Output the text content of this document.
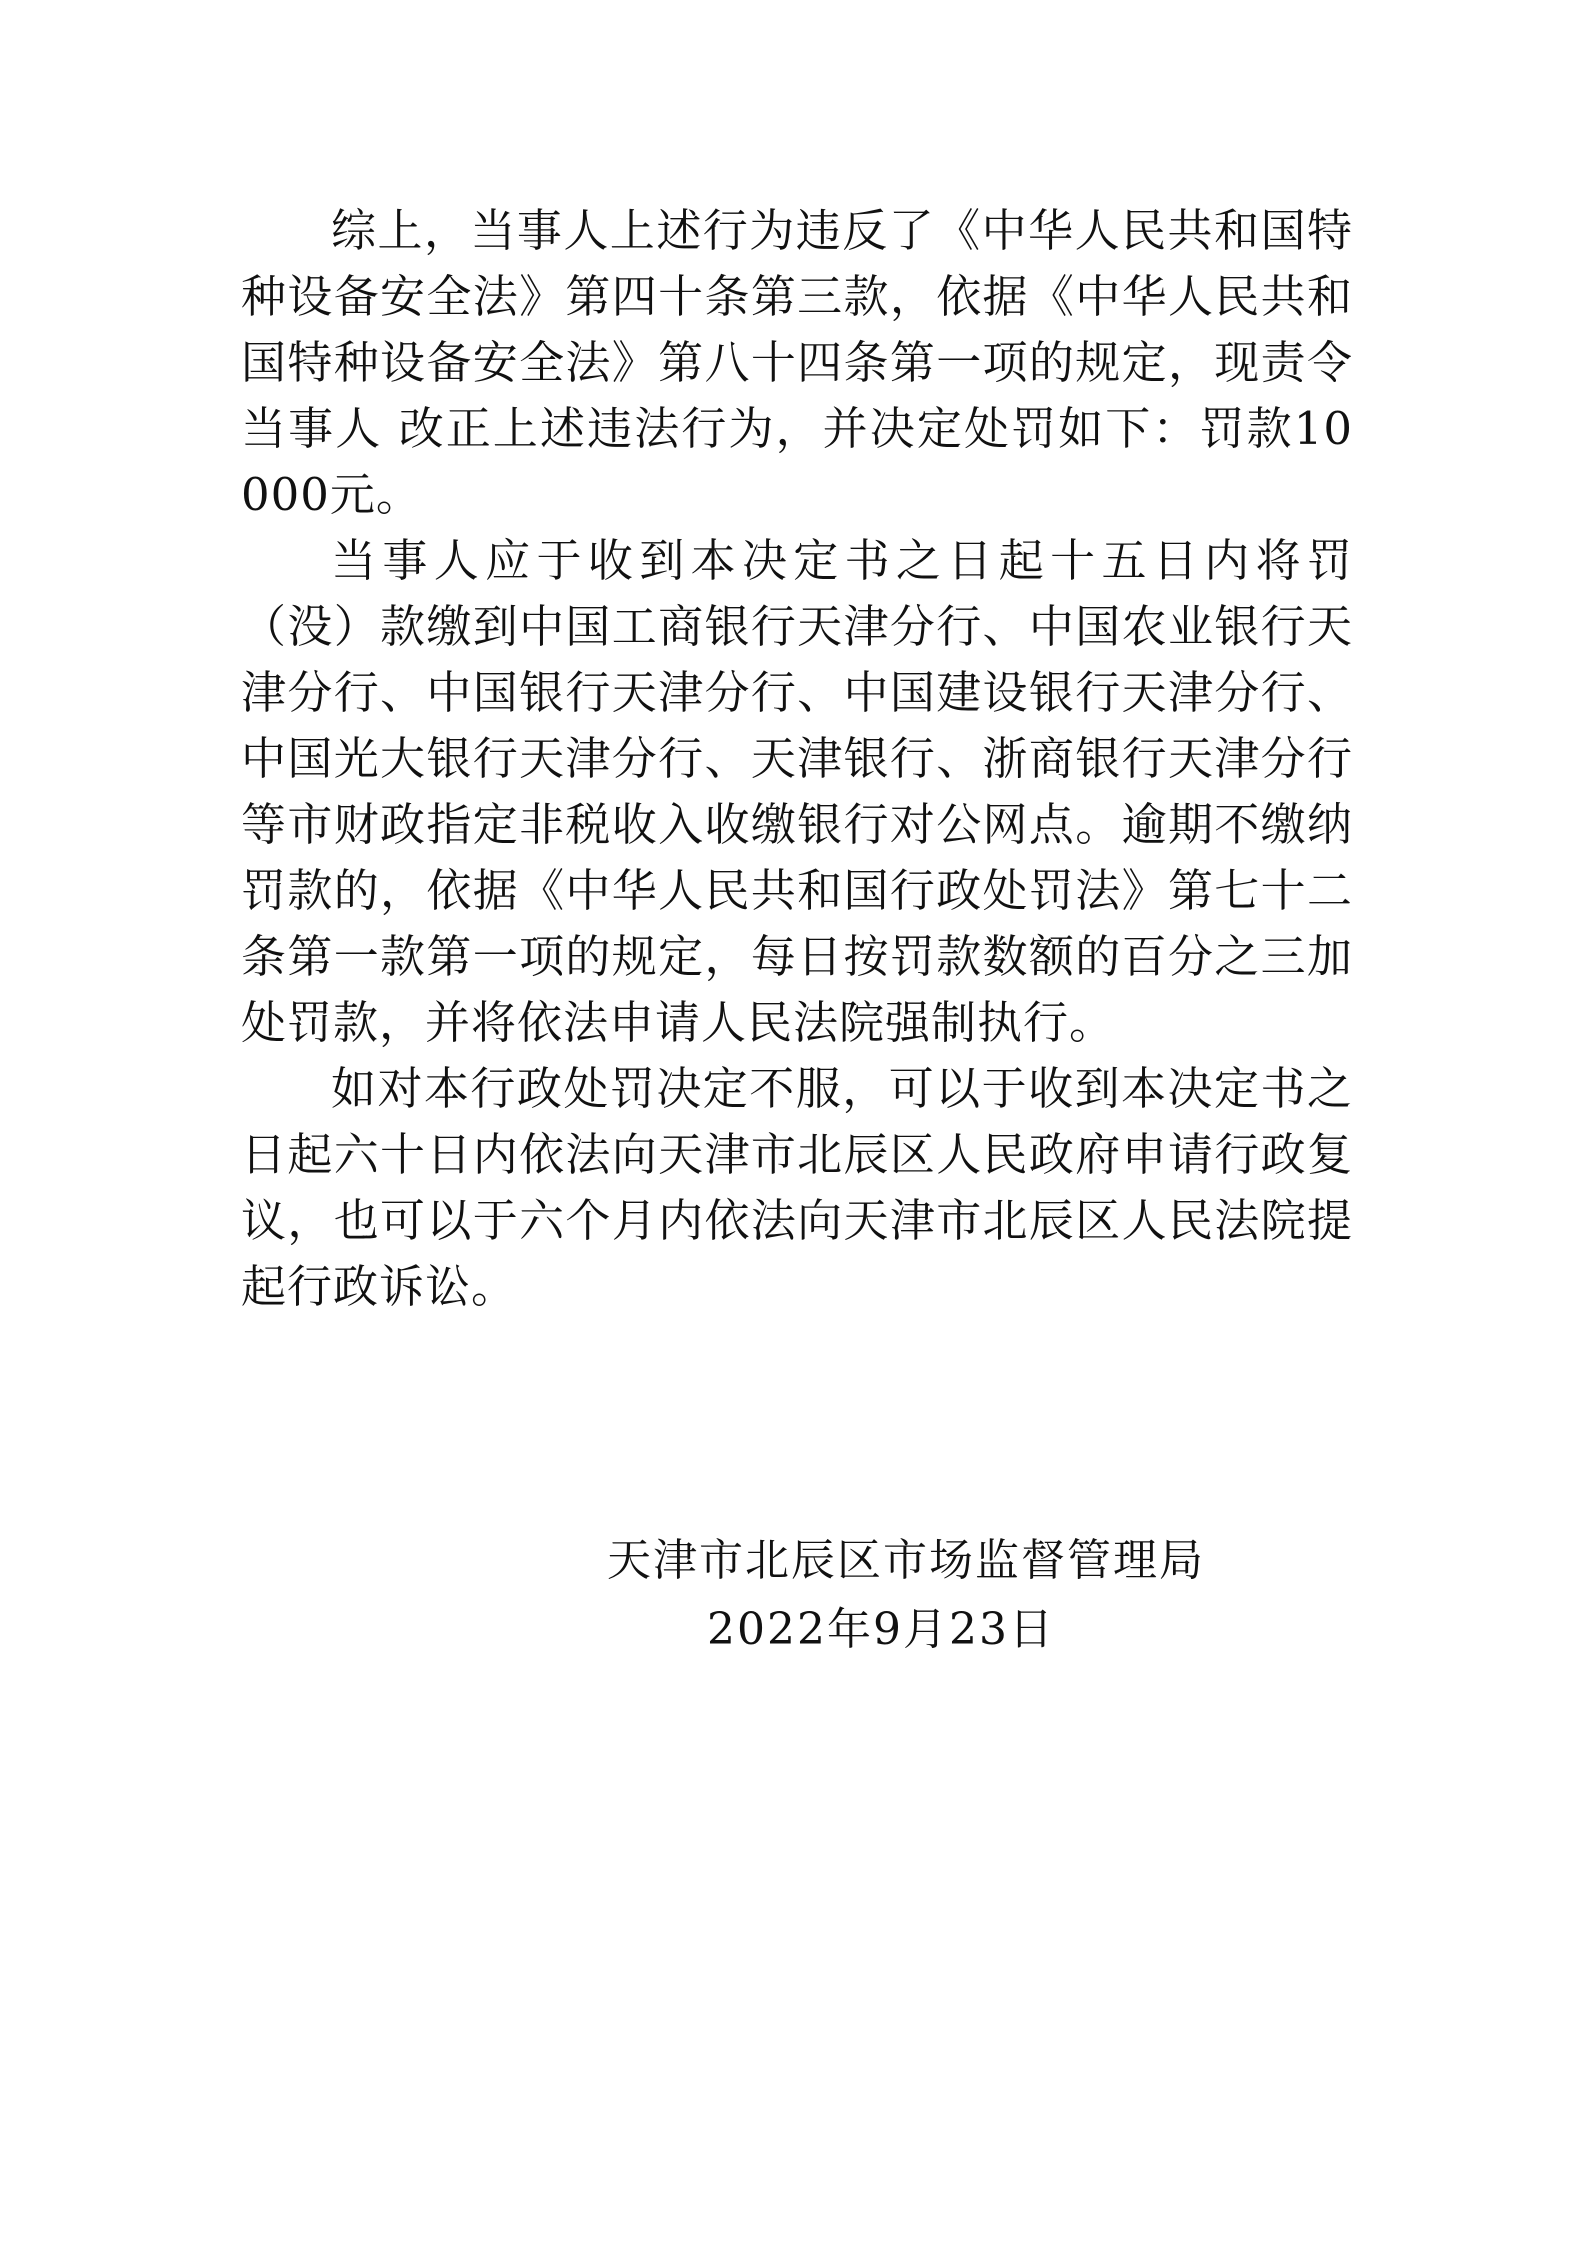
综上，当事人上述行为违反了《中华人民共和国特种设备安全法》第四十条第三款，依据《中华人民共和国特种设备安全法》第八十四条第一项的规定，现责令当事人 改正上述违法行为，并决定处罚如下：罚款10000元。

当事人应于收到本决定书之日起十五日内将罚（没）款缴到中国工商银行天津分行、中国农业银行天津分行、中国银行天津分行、中国建设银行天津分行、中国光大银行天津分行、天津银行、浙商银行天津分行等市财政指定非税收入收缴银行对公网点。逾期不缴纳罚款的，依据《中华人民共和国行政处罚法》第七十二条第一款第一项的规定，每日按罚款数额的百分之三加处罚款，并将依法申请人民法院强制执行。

如对本行政处罚决定不服，可以于收到本决定书之日起六十日内依法向天津市北辰区人民政府申请行政复议，也可以于六个月内依法向天津市北辰区人民法院提起行政诉讼。

天津市北辰区市场监督管理局
2022年9月23日
